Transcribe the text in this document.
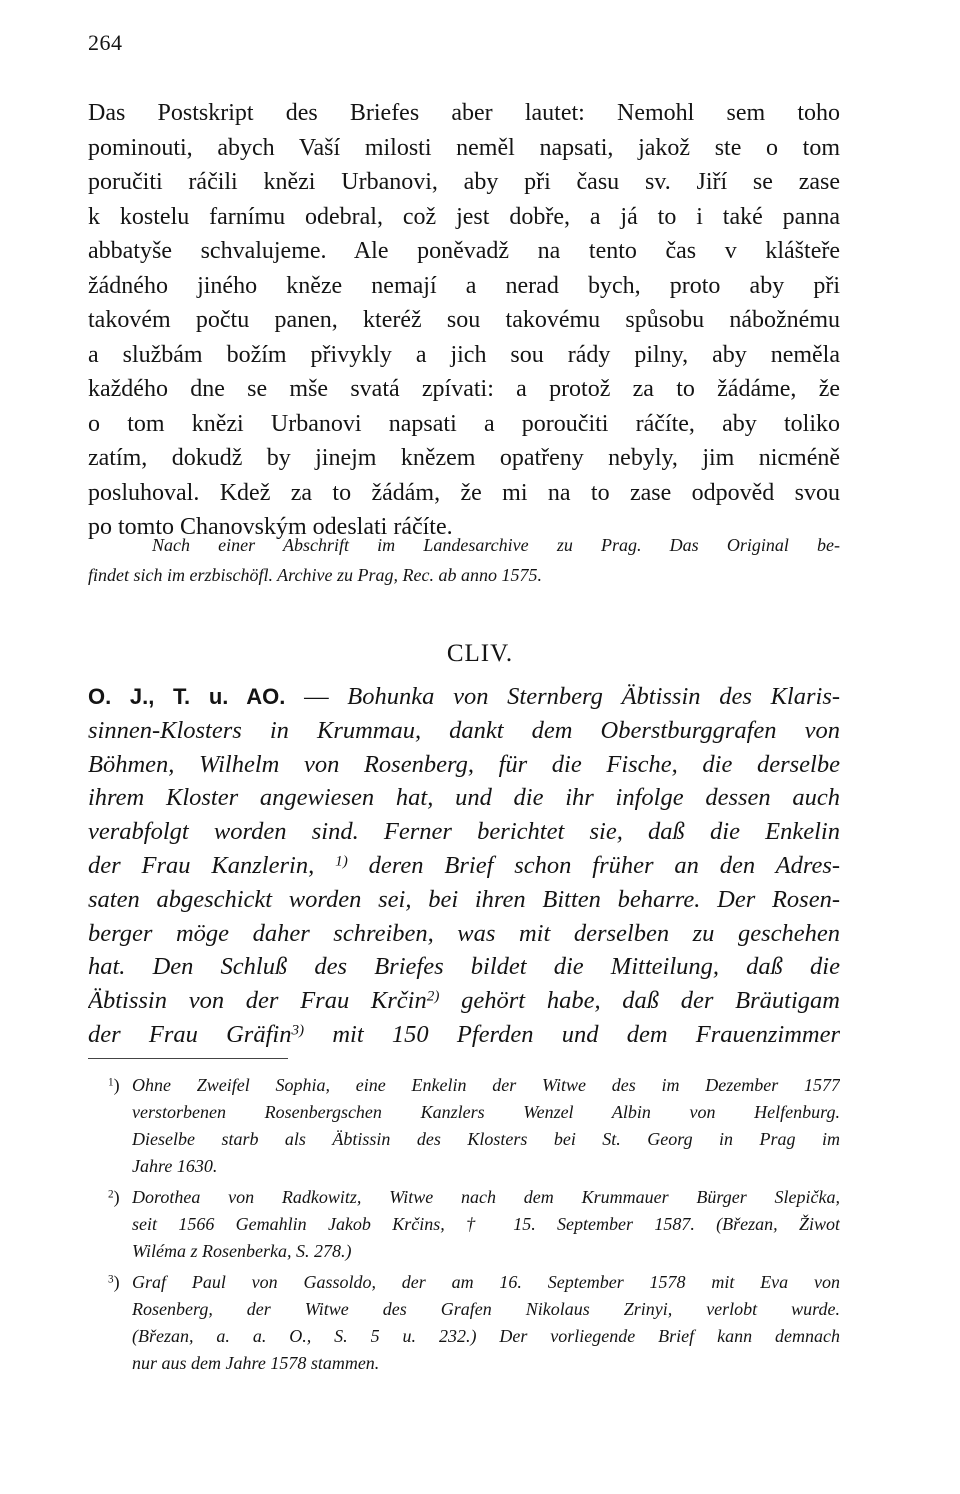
264
Das Postskript des Briefes aber lautet: Nemohl sem toho
pominouti, abych Vaší milosti neměl napsati, jakož ste o tom
poručiti ráčili knězi Urbanovi, aby při času sv. Jiří se zase
k kostelu farnímu odebral, což jest dobře, a já to i také panna
abbatyše schvalujeme. Ale poněvadž na tento čas v klášteře
žádného jiného kněze nemají a nerad bych, proto aby při
takovém počtu panen, kteréž sou takovému spůsobu nábožnému
a službám božím přivykly a jich sou rády pilny, aby neměla
každého dne se mše svatá zpívati: a protož za to žádáme, že
o tom knězi Urbanovi napsati a poroučiti ráčíte, aby toliko
zatím, dokudž by jinejm knězem opatřeny nebyly, jim nicméně
posluhoval. Kdež za to žádám, že mi na to zase odpověd svou
po tomto Chanovským odeslati ráčíte.
Nach einer Abschrift im Landesarchive zu Prag. Das Original be-
findet sich im erzbischöfl. Archive zu Prag, Rec. ab anno 1575.
CLIV.
O. J., T. u. AO. — Bohunka von Sternberg Äbtissin des Klaris-
sinnen-Klosters in Krummau, dankt dem Oberstburggrafen von
Böhmen, Wilhelm von Rosenberg, für die Fische, die derselbe
ihrem Kloster angewiesen hat, und die ihr infolge dessen auch
verabfolgt worden sind. Ferner berichtet sie, daß die Enkelin
der Frau Kanzlerin, $^{1)}$ deren Brief schon früher an den Adres-
saten abgeschickt worden sei, bei ihren Bitten beharre. Der Rosen-
berger möge daher schreiben, was mit derselben zu geschehen
hat. Den Schluß des Briefes bildet die Mitteilung, daß die
Äbtissin von der Frau Krčin$^{2)}$ gehört habe, daß der Bräutigam
der Frau Gräfin$^{3)}$ mit 150 Pferden und dem Frauenzimmer
$^1$) Ohne Zweifel Sophia, eine Enkelin der Witwe des im Dezember 1577
verstorbenen Rosenbergschen Kanzlers Wenzel Albin von Helfenburg.
Dieselbe starb als Äbtissin des Klosters bei St. Georg in Prag im
Jahre 1630.
$^2$) Dorothea von Radkowitz, Witwe nach dem Krummauer Bürger Slepička,
seit 1566 Gemahlin Jakob Krčins, † 15. September 1587. (Březan, Žiwot
Wiléma z Rosenberka, S. 278.)
$^3$) Graf Paul von Gassoldo, der am 16. September 1578 mit Eva von
Rosenberg, der Witwe des Grafen Nikolaus Zrinyi, verlobt wurde.
(Březan, a. a. O., S. 5 u. 232.) Der vorliegende Brief kann demnach
nur aus dem Jahre 1578 stammen.
